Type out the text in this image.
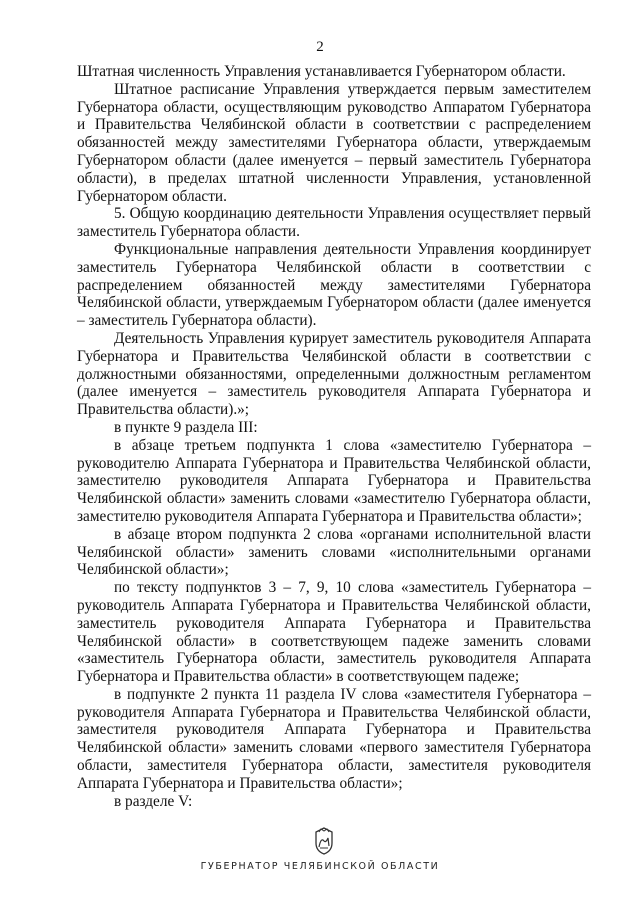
2

Штатная численность Управления устанавливается Губернатором области.

Штатное расписание Управления утверждается первым заместителем Губернатора области, осуществляющим руководство Аппаратом Губернатора и Правительства Челябинской области в соответствии с распределением обязанностей между заместителями Губернатора области, утверждаемым Губернатором области (далее именуется – первый заместитель Губернатора области), в пределах штатной численности Управления, установленной Губернатором области.

5. Общую координацию деятельности Управления осуществляет первый заместитель Губернатора области.

Функциональные направления деятельности Управления координирует заместитель Губернатора Челябинской области в соответствии с распределением обязанностей между заместителями Губернатора Челябинской области, утверждаемым Губернатором области (далее именуется – заместитель Губернатора области).

Деятельность Управления курирует заместитель руководителя Аппарата Губернатора и Правительства Челябинской области в соответствии с должностными обязанностями, определенными должностным регламентом (далее именуется – заместитель руководителя Аппарата Губернатора и Правительства области).»;

в пункте 9 раздела III:

в абзаце третьем подпункта 1 слова «заместителю Губернатора – руководителю Аппарата Губернатора и Правительства Челябинской области, заместителю руководителя Аппарата Губернатора и Правительства Челябинской области» заменить словами «заместителю Губернатора области, заместителю руководителя Аппарата Губернатора и Правительства области»;

в абзаце втором подпункта 2 слова «органами исполнительной власти Челябинской области» заменить словами «исполнительными органами Челябинской области»;

по тексту подпунктов 3 – 7, 9, 10 слова «заместитель Губернатора – руководитель Аппарата Губернатора и Правительства Челябинской области, заместитель руководителя Аппарата Губернатора и Правительства Челябинской области» в соответствующем падеже заменить словами «заместитель Губернатора области, заместитель руководителя Аппарата Губернатора и Правительства области» в соответствующем падеже;

в подпункте 2 пункта 11 раздела IV слова «заместителя Губернатора – руководителя Аппарата Губернатора и Правительства Челябинской области, заместителя руководителя Аппарата Губернатора и Правительства Челябинской области» заменить словами «первого заместителя Губернатора области, заместителя Губернатора области, заместителя руководителя Аппарата Губернатора и Правительства области»;

в разделе V:

ГУБЕРНАТОР ЧЕЛЯБИНСКОЙ ОБЛАСТИ
